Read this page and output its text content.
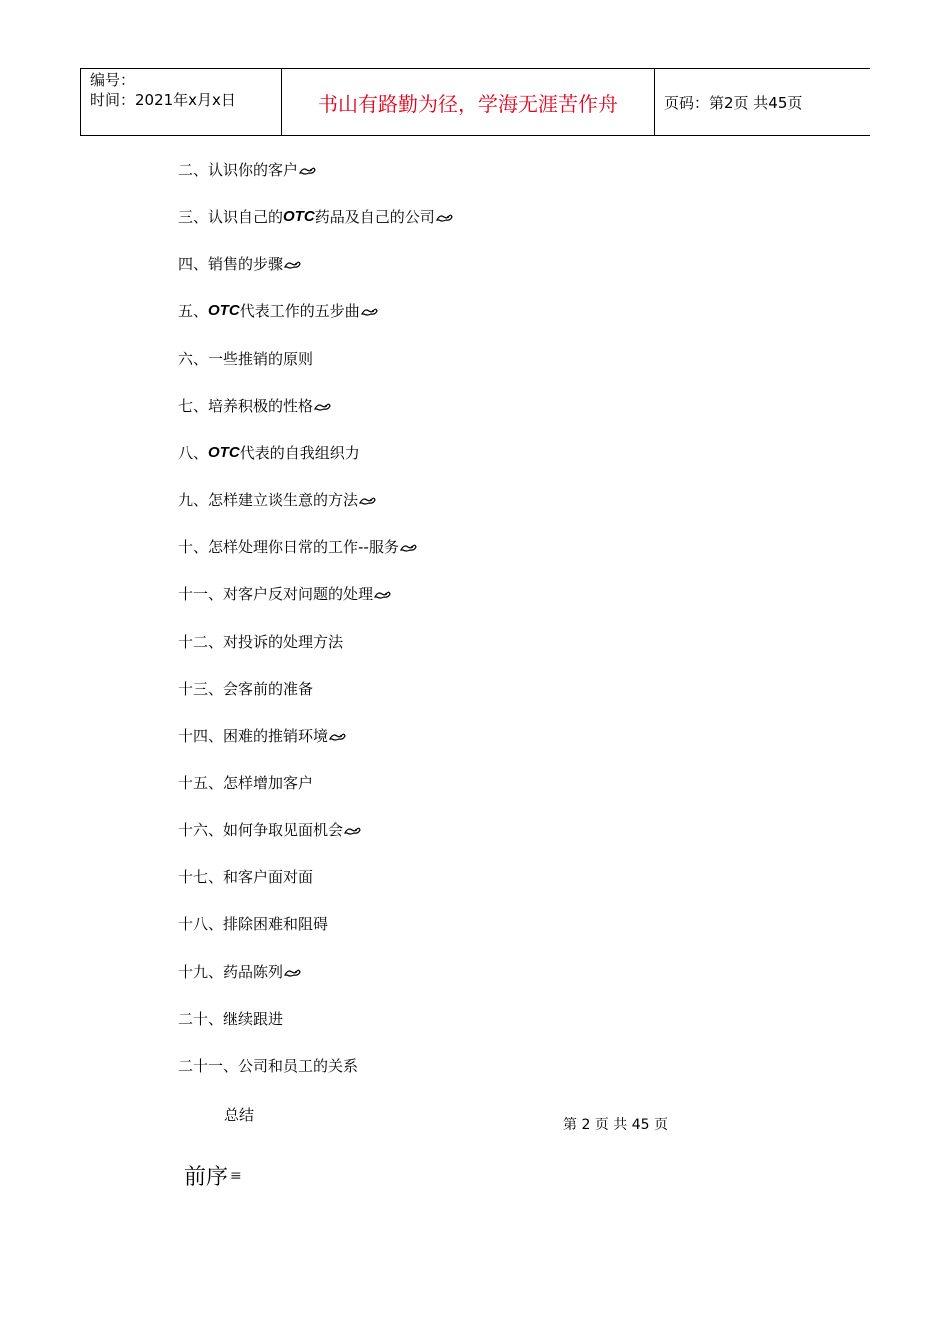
编号：
时间：2021年x月x日	书山有路勤为径，学海无涯苦作舟	页码：第2页 共45页
二、认识你的客户
三、认识自己的 OTC 药品及自己的公司
四、销售的步骤
五、 OTC 代表工作的五步曲
六、一些推销的原则
七、培养积极的性格
八、 OTC 代表的自我组织力
九、怎样建立谈生意的方法
十、怎样处理你日常的工作--服务
十一、对客户反对问题的处理
十二、对投诉的处理方法
十三、会客前的准备
十四、困难的推销环境
十五、怎样增加客户
十六、如何争取见面机会
十七、和客户面对面
十八、排除困难和阻碍
十九、药品陈列
二十、继续跟进
二十一、公司和员工的关系
总结
第 2 页 共 45 页
前序 ≡
